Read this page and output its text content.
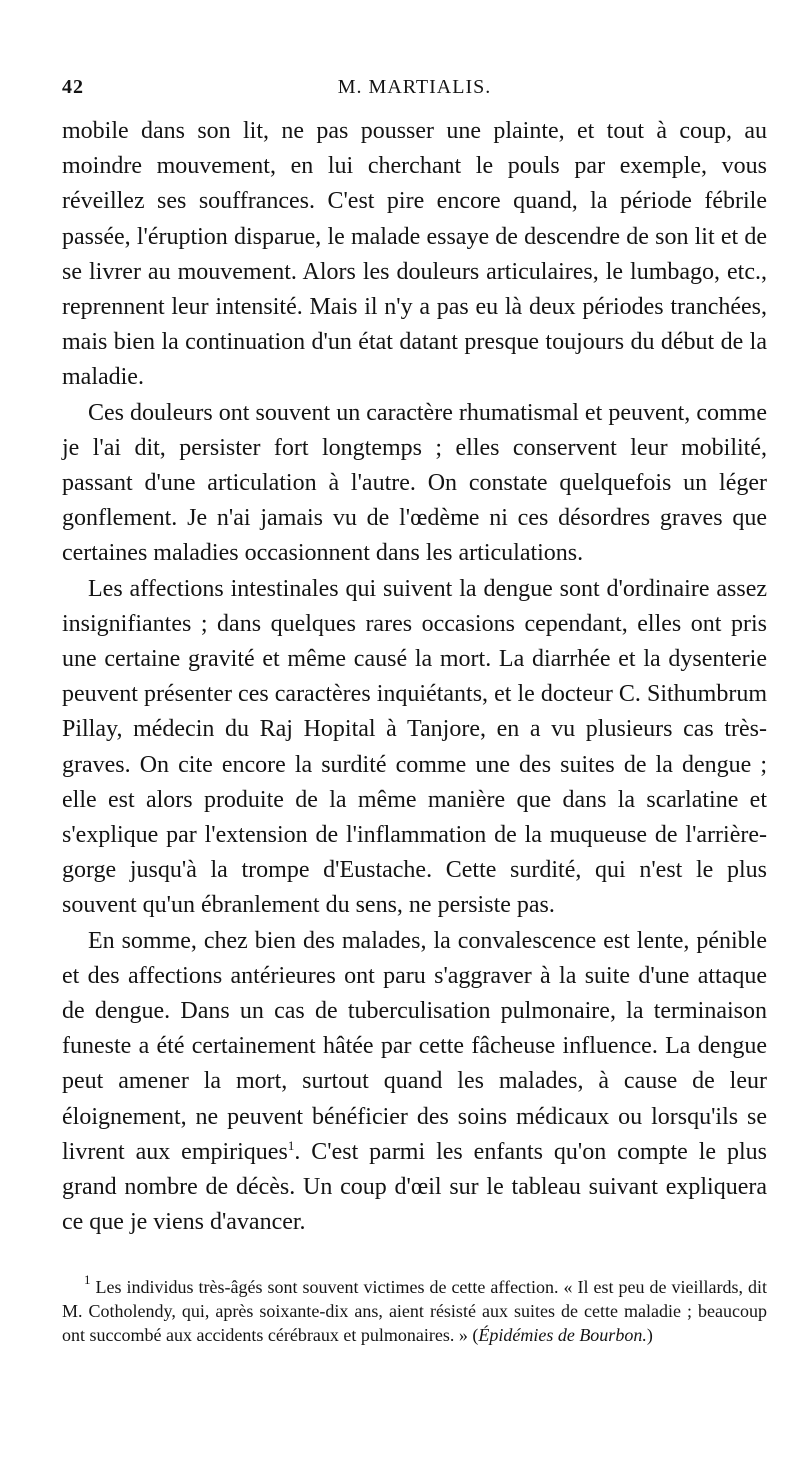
42	M. MARTIALIS.

mobile dans son lit, ne pas pousser une plainte, et tout à coup, au moindre mouvement, en lui cherchant le pouls par exemple, vous réveillez ses souffrances. C'est pire encore quand, la période fébrile passée, l'éruption disparue, le malade essaye de descendre de son lit et de se livrer au mouvement. Alors les douleurs articulaires, le lumbago, etc., reprennent leur intensité. Mais il n'y a pas eu là deux périodes tranchées, mais bien la continuation d'un état datant presque toujours du début de la maladie.

Ces douleurs ont souvent un caractère rhumatismal et peuvent, comme je l'ai dit, persister fort longtemps ; elles conservent leur mobilité, passant d'une articulation à l'autre. On constate quelquefois un léger gonflement. Je n'ai jamais vu de l'œdème ni ces désordres graves que certaines maladies occasionnent dans les articulations.

Les affections intestinales qui suivent la dengue sont d'ordinaire assez insignifiantes ; dans quelques rares occasions cependant, elles ont pris une certaine gravité et même causé la mort. La diarrhée et la dysenterie peuvent présenter ces caractères inquiétants, et le docteur C. Sithumbrum Pillay, médecin du Raj Hopital à Tanjore, en a vu plusieurs cas très-graves. On cite encore la surdité comme une des suites de la dengue ; elle est alors produite de la même manière que dans la scarlatine et s'explique par l'extension de l'inflammation de la muqueuse de l'arrière-gorge jusqu'à la trompe d'Eustache. Cette surdité, qui n'est le plus souvent qu'un ébranlement du sens, ne persiste pas.

En somme, chez bien des malades, la convalescence est lente, pénible et des affections antérieures ont paru s'aggraver à la suite d'une attaque de dengue. Dans un cas de tuberculisation pulmonaire, la terminaison funeste a été certainement hâtée par cette fâcheuse influence. La dengue peut amener la mort, surtout quand les malades, à cause de leur éloignement, ne peuvent bénéficier des soins médicaux ou lorsqu'ils se livrent aux empiriques$^1$. C'est parmi les enfants qu'on compte le plus grand nombre de décès. Un coup d'œil sur le tableau suivant expliquera ce que je viens d'avancer.

$^1$ Les individus très-âgés sont souvent victimes de cette affection. « Il est peu de vieillards, dit M. Cotholendy, qui, après soixante-dix ans, aient résisté aux suites de cette maladie ; beaucoup ont succombé aux accidents cérébraux et pulmonaires. » (Épidémies de Bourbon.)
